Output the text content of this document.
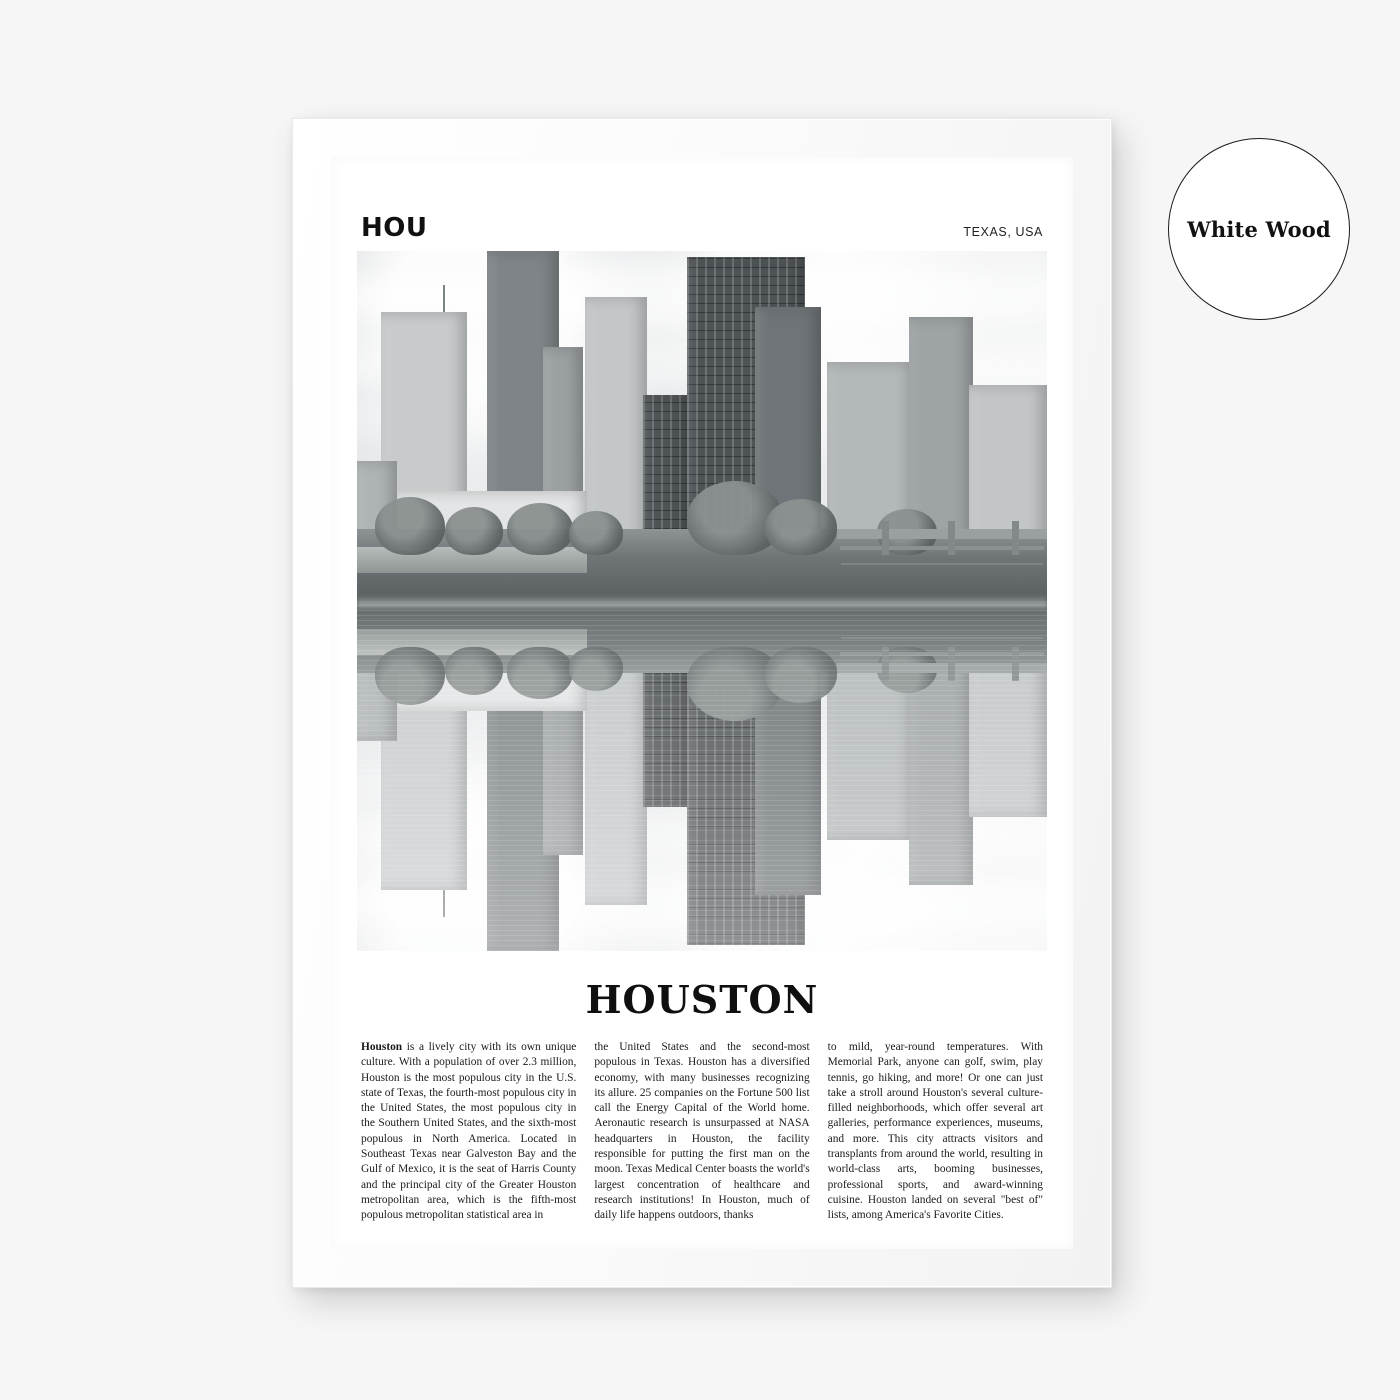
HOU	TEXAS, USA
HOUSTON
Houston is a lively city with its own unique culture. With a population of over 2.3 million, Houston is the most populous city in the U.S. state of Texas, the fourth-most populous city in the United States, the most populous city in the Southern United States, and the sixth-most populous in North America. Located in Southeast Texas near Galveston Bay and the Gulf of Mexico, it is the seat of Harris County and the principal city of the Greater Houston metropolitan area, which is the fifth-most populous metropolitan statistical area in
the United States and the second-most populous in Texas. Houston has a diversified economy, with many businesses recognizing its allure. 25 companies on the Fortune 500 list call the Energy Capital of the World home. Aeronautic research is unsurpassed at NASA headquarters in Houston, the facility responsible for putting the first man on the moon. Texas Medical Center boasts the world's largest concentration of healthcare and research institutions! In Houston, much of daily life happens outdoors, thanks
to mild, year-round temperatures. With Memorial Park, anyone can golf, swim, play tennis, go hiking, and more! Or one can just take a stroll around Houston's several culture-filled neighborhoods, which offer several art galleries, performance experiences, museums, and more. This city attracts visitors and transplants from around the world, resulting in world-class arts, booming businesses, professional sports, and award-winning cuisine. Houston landed on several "best of" lists, among America's Favorite Cities.
White Wood
